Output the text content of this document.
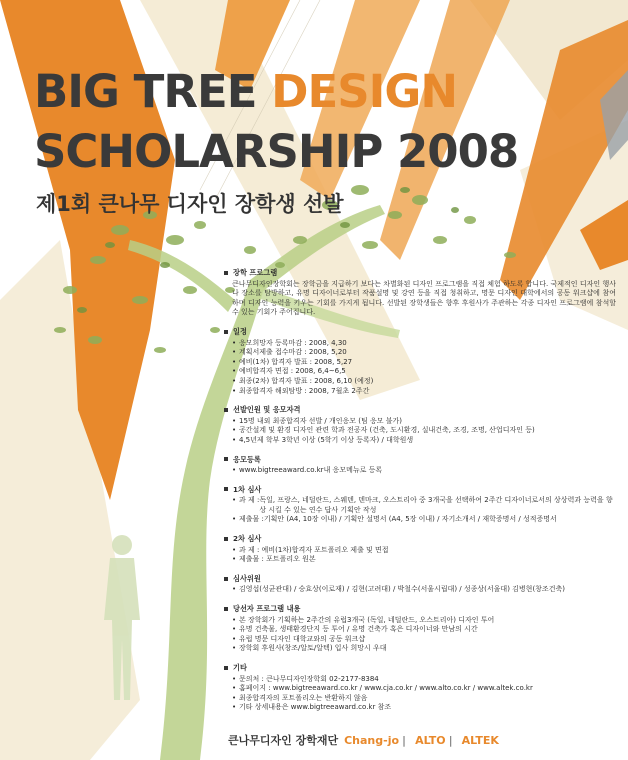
BIG TREE DESIGN
SCHOLARSHIP 2008
제1회 큰나무 디자인 장학생 선발
장학 프로그램
큰나무디자인장학회는 장학금을 지급하기 보다는 차별화된 디자인 프로그램을 직접 체험 하도록 합니다. 국제적인 디자인 행사나 장소를 탐방하고, 유명 디자이너로부터 작품설명 및 강연 등을 직접 청취하고, 명문 디자인 대학에서의 공동 워크샵에 참여하며 디자인 능력을 키우는 기회를 가지게 됩니다. 선발된 장학생들은 향후 후원사가 주관하는 각종 디자인 프로그램에 참석할 수 있는 기회가 주어집니다.
일정
• 응모희망자 등록마감 : 2008, 4,30
• 계획서제출 접수마감 : 2008, 5,20
• 예비(1차) 합격자 발표 : 2008, 5,27
• 예비합격자 면접 : 2008, 6,4~6,5
• 최종(2차) 합격자 발표 : 2008, 6,10 (예정)
• 최종합격자 해외탐방 : 2008, 7월초 2주간
선발인원 및 응모자격
• 15명 내외 최종합격자 선발 / 개인응모 (팀 응모 불가)
• 공간설계 및 환경 디자인 관련 학과 전공자 (건축, 도시환경, 실내건축, 조경, 조명, 산업디자인 등)
• 4,5년제 학부 3학년 이상 (5학기 이상 등록자) / 대학원생
응모등록
• www.bigtreeaward.co.kr내 응모메뉴로 등록
1차 심사
• 과 제 : 독일, 프랑스, 네덜란드, 스웨덴, 덴마크, 오스트리아 중 3개국을 선택하여 2주간 디자이너로서의 상상력과 능력을 향상 시킬 수 있는 연수 답사 기획안 작성
• 제출물 : 기획안 (A4, 10장 이내) / 기획안 설명서 (A4, 5장 이내) / 자기소개서 / 재학증명서 / 성적증명서
2차 심사
• 과 제 : 예비(1차)합격자 포트폴리오 제출 및 면접
• 제출물 : 포트폴리오 원본
심사위원
• 김영섭(성균관대) / 승효상(이로재) / 김현(고려대) / 박철수(서울시립대) / 성종상(서울대) 김병현(창조건축)
당선자 프로그램 내용
• 본 장학회가 기획하는 2주간의 유럽3개국 (독일, 네덜란드, 오스트리아) 디자인 투어
• 유명 건축물, 생태환경단지 등 투어 / 유명 건축가 혹은 디자이너와 만남의 시간
• 유럽 명문 디자인 대학교와의 공동 워크샵
• 장학회 후원사(창조/알토/알텍) 입사 희망시 우대
기타
• 문의처 : 큰나무디자인장학회 02-2177-8384
• 홈페이지 : www.bigtreeaward.co.kr / www.cja.co.kr / www.alto.co.kr / www.altek.co.kr
• 최종합격자의 포트폴리오는 반환하지 않음
• 기타 상세내용은 www.bigtreeaward.co.kr 참조
큰나무디자인 장학재단 Chang-jo | ALTO | ALTEK
